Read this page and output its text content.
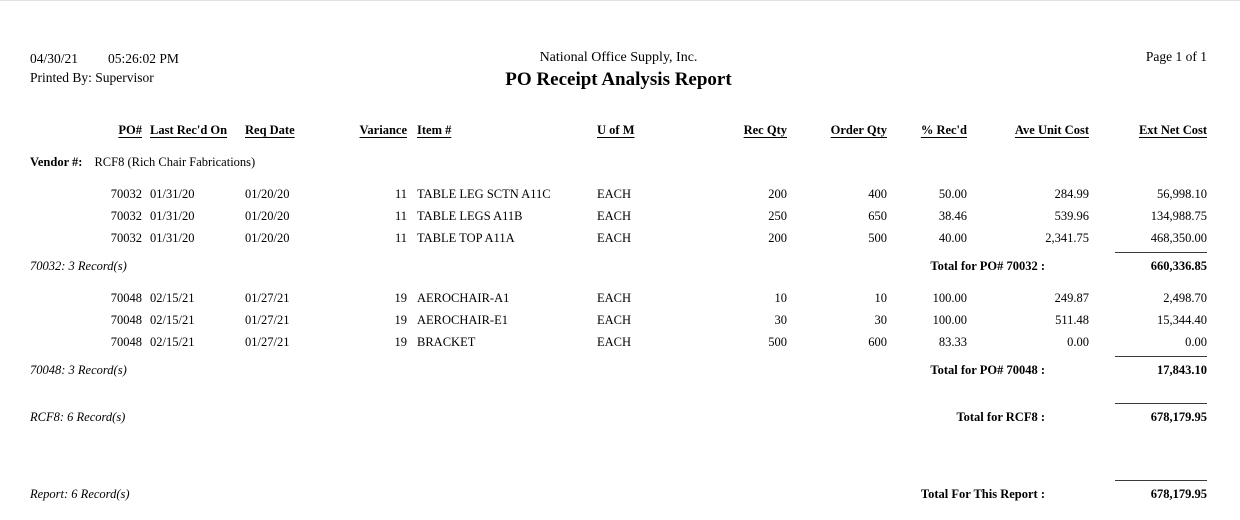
04/30/21 05:26:02 PM
Printed By: Supervisor
National Office Supply, Inc.
PO Receipt Analysis Report
Page 1 of 1
PO#	Last Rec'd On	Req Date	Variance	Item #	U of M	Rec Qty	Order Qty	% Rec'd	Ave Unit Cost	Ext Net Cost
Vendor #: RCF8 (Rich Chair Fabrications)										
70032	01/31/20	01/20/20	11	TABLE LEG SCTN A11C	EACH	200	400	50.00	284.99	56,998.10
70032	01/31/20	01/20/20	11	TABLE LEGS A11B	EACH	250	650	38.46	539.96	134,988.75
70032	01/31/20	01/20/20	11	TABLE TOP A11A	EACH	200	500	40.00	2,341.75	468,350.00
70032: 3 Record(s)					Total for PO# 70032 :					660,336.85
70048	02/15/21	01/27/21	19	AEROCHAIR-A1	EACH	10	10	100.00	249.87	2,498.70
70048	02/15/21	01/27/21	19	AEROCHAIR-E1	EACH	30	30	100.00	511.48	15,344.40
70048	02/15/21	01/27/21	19	BRACKET	EACH	500	600	83.33	0.00	0.00
70048: 3 Record(s)					Total for PO# 70048 :					17,843.10
RCF8: 6 Record(s)					Total for RCF8 :					678,179.95
Report: 6 Record(s)					Total For This Report :					678,179.95
